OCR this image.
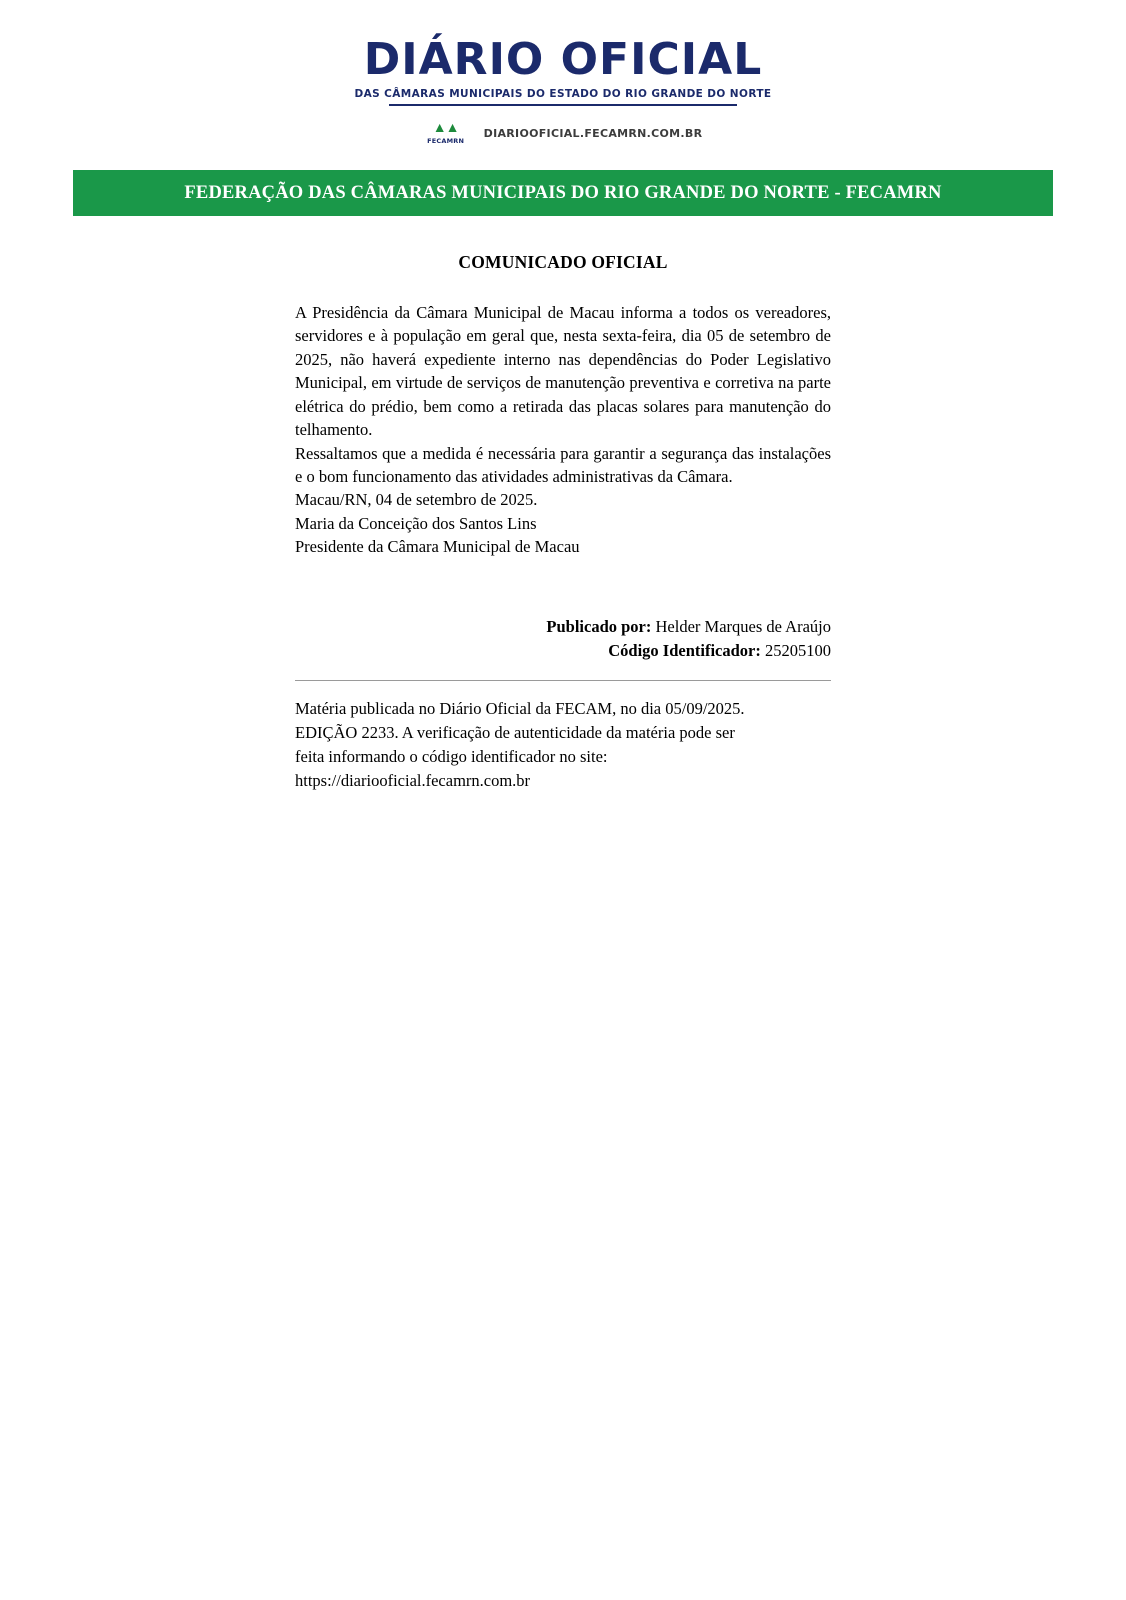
DIÁRIO OFICIAL
DAS CÂMARAS MUNICIPAIS DO ESTADO DO RIO GRANDE DO NORTE
▲▲
FECAMRN
DIARIOOFICIAL.FECAMRN.COM.BR
FEDERAÇÃO DAS CÂMARAS MUNICIPAIS DO RIO GRANDE DO NORTE - FECAMRN
COMUNICADO OFICIAL
A Presidência da Câmara Municipal de Macau informa a todos os vereadores, servidores e à população em geral que, nesta sexta-feira, dia 05 de setembro de 2025, não haverá expediente interno nas dependências do Poder Legislativo Municipal, em virtude de serviços de manutenção preventiva e corretiva na parte elétrica do prédio, bem como a retirada das placas solares para manutenção do telhamento.
Ressaltamos que a medida é necessária para garantir a segurança das instalações e o bom funcionamento das atividades administrativas da Câmara.
Macau/RN, 04 de setembro de 2025.
Maria da Conceição dos Santos Lins
Presidente da Câmara Municipal de Macau
Publicado por: Helder Marques de Araújo
Código Identificador: 25205100
Matéria publicada no Diário Oficial da FECAM, no dia 05/09/2025.
EDIÇÃO 2233. A verificação de autenticidade da matéria pode ser
feita informando o código identificador no site:
https://diariooficial.fecamrn.com.br
